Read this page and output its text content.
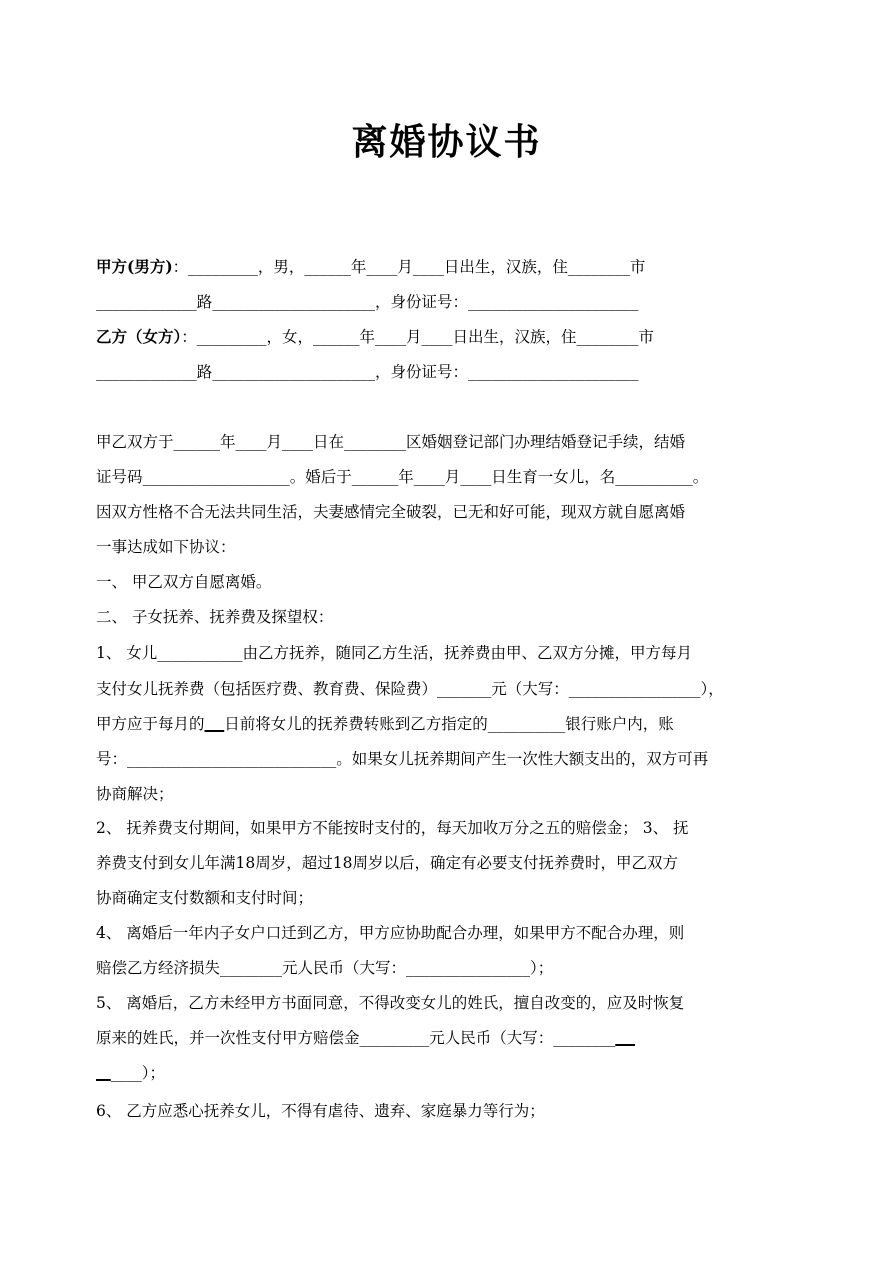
离婚协议书
甲方(男方)：_________，男，______年____月____日出生，汉族，住________市
_____________路_____________________，身份证号：______________________
乙方（女方）：_________，女，______年____月____日出生，汉族，住________市
_____________路_____________________，身份证号：______________________
甲乙双方于______年____月____日在________区婚姻登记部门办理结婚登记手续，结婚
证号码___________________。婚后于______年____月____日生育一女儿，名__________。
因双方性格不合无法共同生活，夫妻感情完全破裂，已无和好可能，现双方就自愿离婚
一事达成如下协议：
一、 甲乙双方自愿离婚。
二、 子女抚养、抚养费及探望权：
1、 女儿___________由乙方抚养，随同乙方生活，抚养费由甲、乙双方分摊，甲方每月
支付女儿抚养费（包括医疗费、教育费、保险费）_______元（大写：_________________），
甲方应于每月的 日前将女儿的抚养费转账到乙方指定的__________银行账户内，账
号：___________________________。如果女儿抚养期间产生一次性大额支出的，双方可再
协商解决；
2、 抚养费支付期间，如果甲方不能按时支付的，每天加收万分之五的赔偿金； 3、 抚
养费支付到女儿年满18周岁，超过18周岁以后，确定有必要支付抚养费时，甲乙双方
协商确定支付数额和支付时间；
4、 离婚后一年内子女户口迁到乙方，甲方应协助配合办理，如果甲方不配合办理，则
赔偿乙方经济损失________元人民币（大写：________________）；
5、 离婚后，乙方未经甲方书面同意，不得改变女儿的姓氏，擅自改变的，应及时恢复
原来的姓氏，并一次性支付甲方赔偿金_________元人民币（大写：________
____）；
6、 乙方应悉心抚养女儿，不得有虐待、遗弃、家庭暴力等行为；
